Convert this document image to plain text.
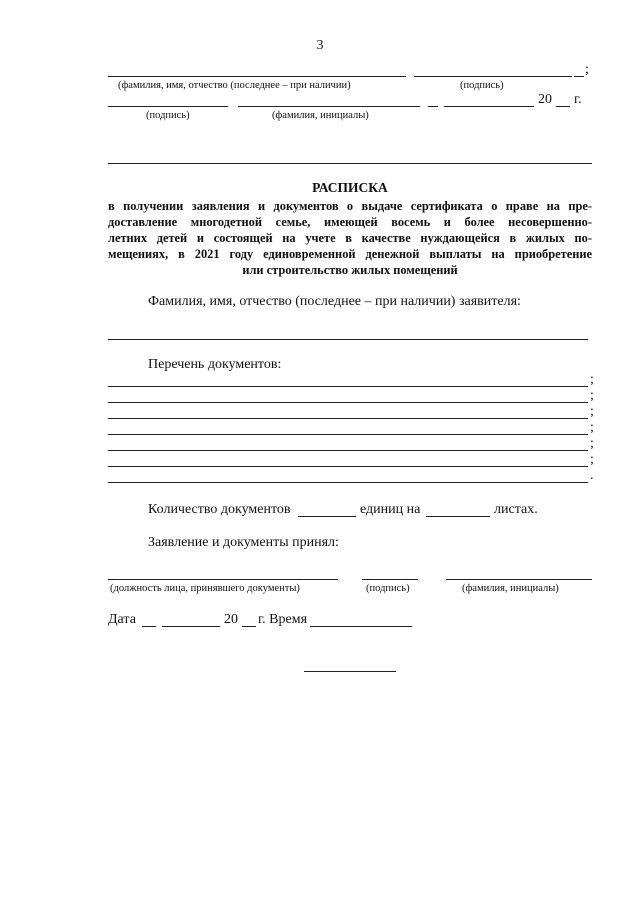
3
;
(фамилия, имя, отчество (последнее – при наличии)	(подпись)
20 г.
(подпись)	(фамилия, инициалы)
РАСПИСКА
в получении заявления и документов о выдаче сертификата о праве на пре-
доставление многодетной семье, имеющей восемь и более несовершенно-
летних детей и состоящей на учете в качестве нуждающейся в жилых по-
мещениях, в 2021 году единовременной денежной выплаты на приобретение
или строительство жилых помещений
Фамилия, имя, отчество (последнее – при наличии) заявителя:
Перечень документов:
;
;
;
;
;
;
.
Количество документов	единиц на	листах.
Заявление и документы принял:
(должность лица, принявшего документы)	(подпись)	(фамилия, инициалы)
Дата	20 г. Время
